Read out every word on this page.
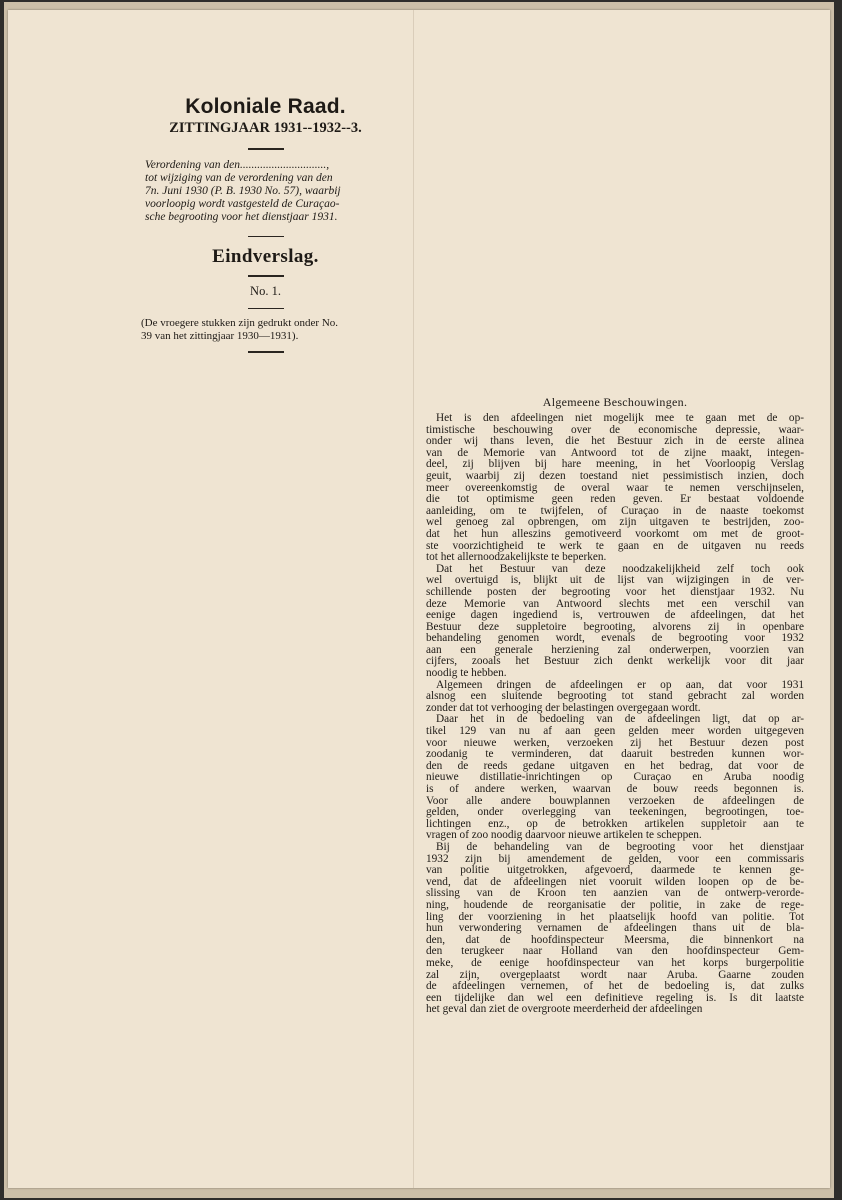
Koloniale Raad.

ZITTINGJAAR 1931--1932--3.

Verordening van den..............................,
tot wijziging van de verordening van den
7n. Juni 1930 (P. B. 1930 No. 57), waarbij
voorloopig wordt vastgesteld de Curaçao-
sche begrooting voor het dienstjaar 1931.

Eindverslag.

No. 1.

(De vroegere stukken zijn gedrukt onder No.
39 van het zittingjaar 1930—1931).

Algemeene Beschouwingen.

Het is den afdeelingen niet mogelijk mee te gaan met de op-
timistische beschouwing over de economische depressie, waar-
onder wij thans leven, die het Bestuur zich in de eerste alinea
van de Memorie van Antwoord tot de zijne maakt, integen-
deel, zij blijven bij hare meening, in het Voorloopig Verslag
geuit, waarbij zij dezen toestand niet pessimistisch inzien, doch
meer overeenkomstig de overal waar te nemen verschijnselen,
die tot optimisme geen reden geven. Er bestaat voldoende
aanleiding, om te twijfelen, of Curaçao in de naaste toekomst
wel genoeg zal opbrengen, om zijn uitgaven te bestrijden, zoo-
dat het hun alleszins gemotiveerd voorkomt om met de groot-
ste voorzichtigheid te werk te gaan en de uitgaven nu reeds
tot het allernoodzakelijkste te beperken.
Dat het Bestuur van deze noodzakelijkheid zelf toch ook
wel overtuigd is, blijkt uit de lijst van wijzigingen in de ver-
schillende posten der begrooting voor het dienstjaar 1932. Nu
deze Memorie van Antwoord slechts met een verschil van
eenige dagen ingediend is, vertrouwen de afdeelingen, dat het
Bestuur deze suppletoire begrooting, alvorens zij in openbare
behandeling genomen wordt, evenals de begrooting voor 1932
aan een generale herziening zal onderwerpen, voorzien van
cijfers, zooals het Bestuur zich denkt werkelijk voor dit jaar
noodig te hebben.
Algemeen dringen de afdeelingen er op aan, dat voor 1931
alsnog een sluitende begrooting tot stand gebracht zal worden
zonder dat tot verhooging der belastingen overgegaan wordt.
Daar het in de bedoeling van de afdeelingen ligt, dat op ar-
tikel 129 van nu af aan geen gelden meer worden uitgegeven
voor nieuwe werken, verzoeken zij het Bestuur dezen post
zoodanig te verminderen, dat daaruit bestreden kunnen wor-
den de reeds gedane uitgaven en het bedrag, dat voor de
nieuwe distillatie-inrichtingen op Curaçao en Aruba noodig
is of andere werken, waarvan de bouw reeds begonnen is.
Voor alle andere bouwplannen verzoeken de afdeelingen de
gelden, onder overlegging van teekeningen, begrootingen, toe-
lichtingen enz., op de betrokken artikelen suppletoir aan te
vragen of zoo noodig daarvoor nieuwe artikelen te scheppen.
Bij de behandeling van de begrooting voor het dienstjaar
1932 zijn bij amendement de gelden, voor een commissaris
van politie uitgetrokken, afgevoerd, daarmede te kennen ge-
vend, dat de afdeelingen niet vooruit wilden loopen op de be-
slissing van de Kroon ten aanzien van de ontwerp-verorde-
ning, houdende de reorganisatie der politie, in zake de rege-
ling der voorziening in het plaatselijk hoofd van politie. Tot
hun verwondering vernamen de afdeelingen thans uit de bla-
den, dat de hoofdinspecteur Meersma, die binnenkort na
den terugkeer naar Holland van den hoofdinspecteur Gem-
meke, de eenige hoofdinspecteur van het korps burgerpolitie
zal zijn, overgeplaatst wordt naar Aruba. Gaarne zouden
de afdeelingen vernemen, of het de bedoeling is, dat zulks
een tijdelijke dan wel een definitieve regeling is. Is dit laatste
het geval dan ziet de overgroote meerderheid der afdeelingen
